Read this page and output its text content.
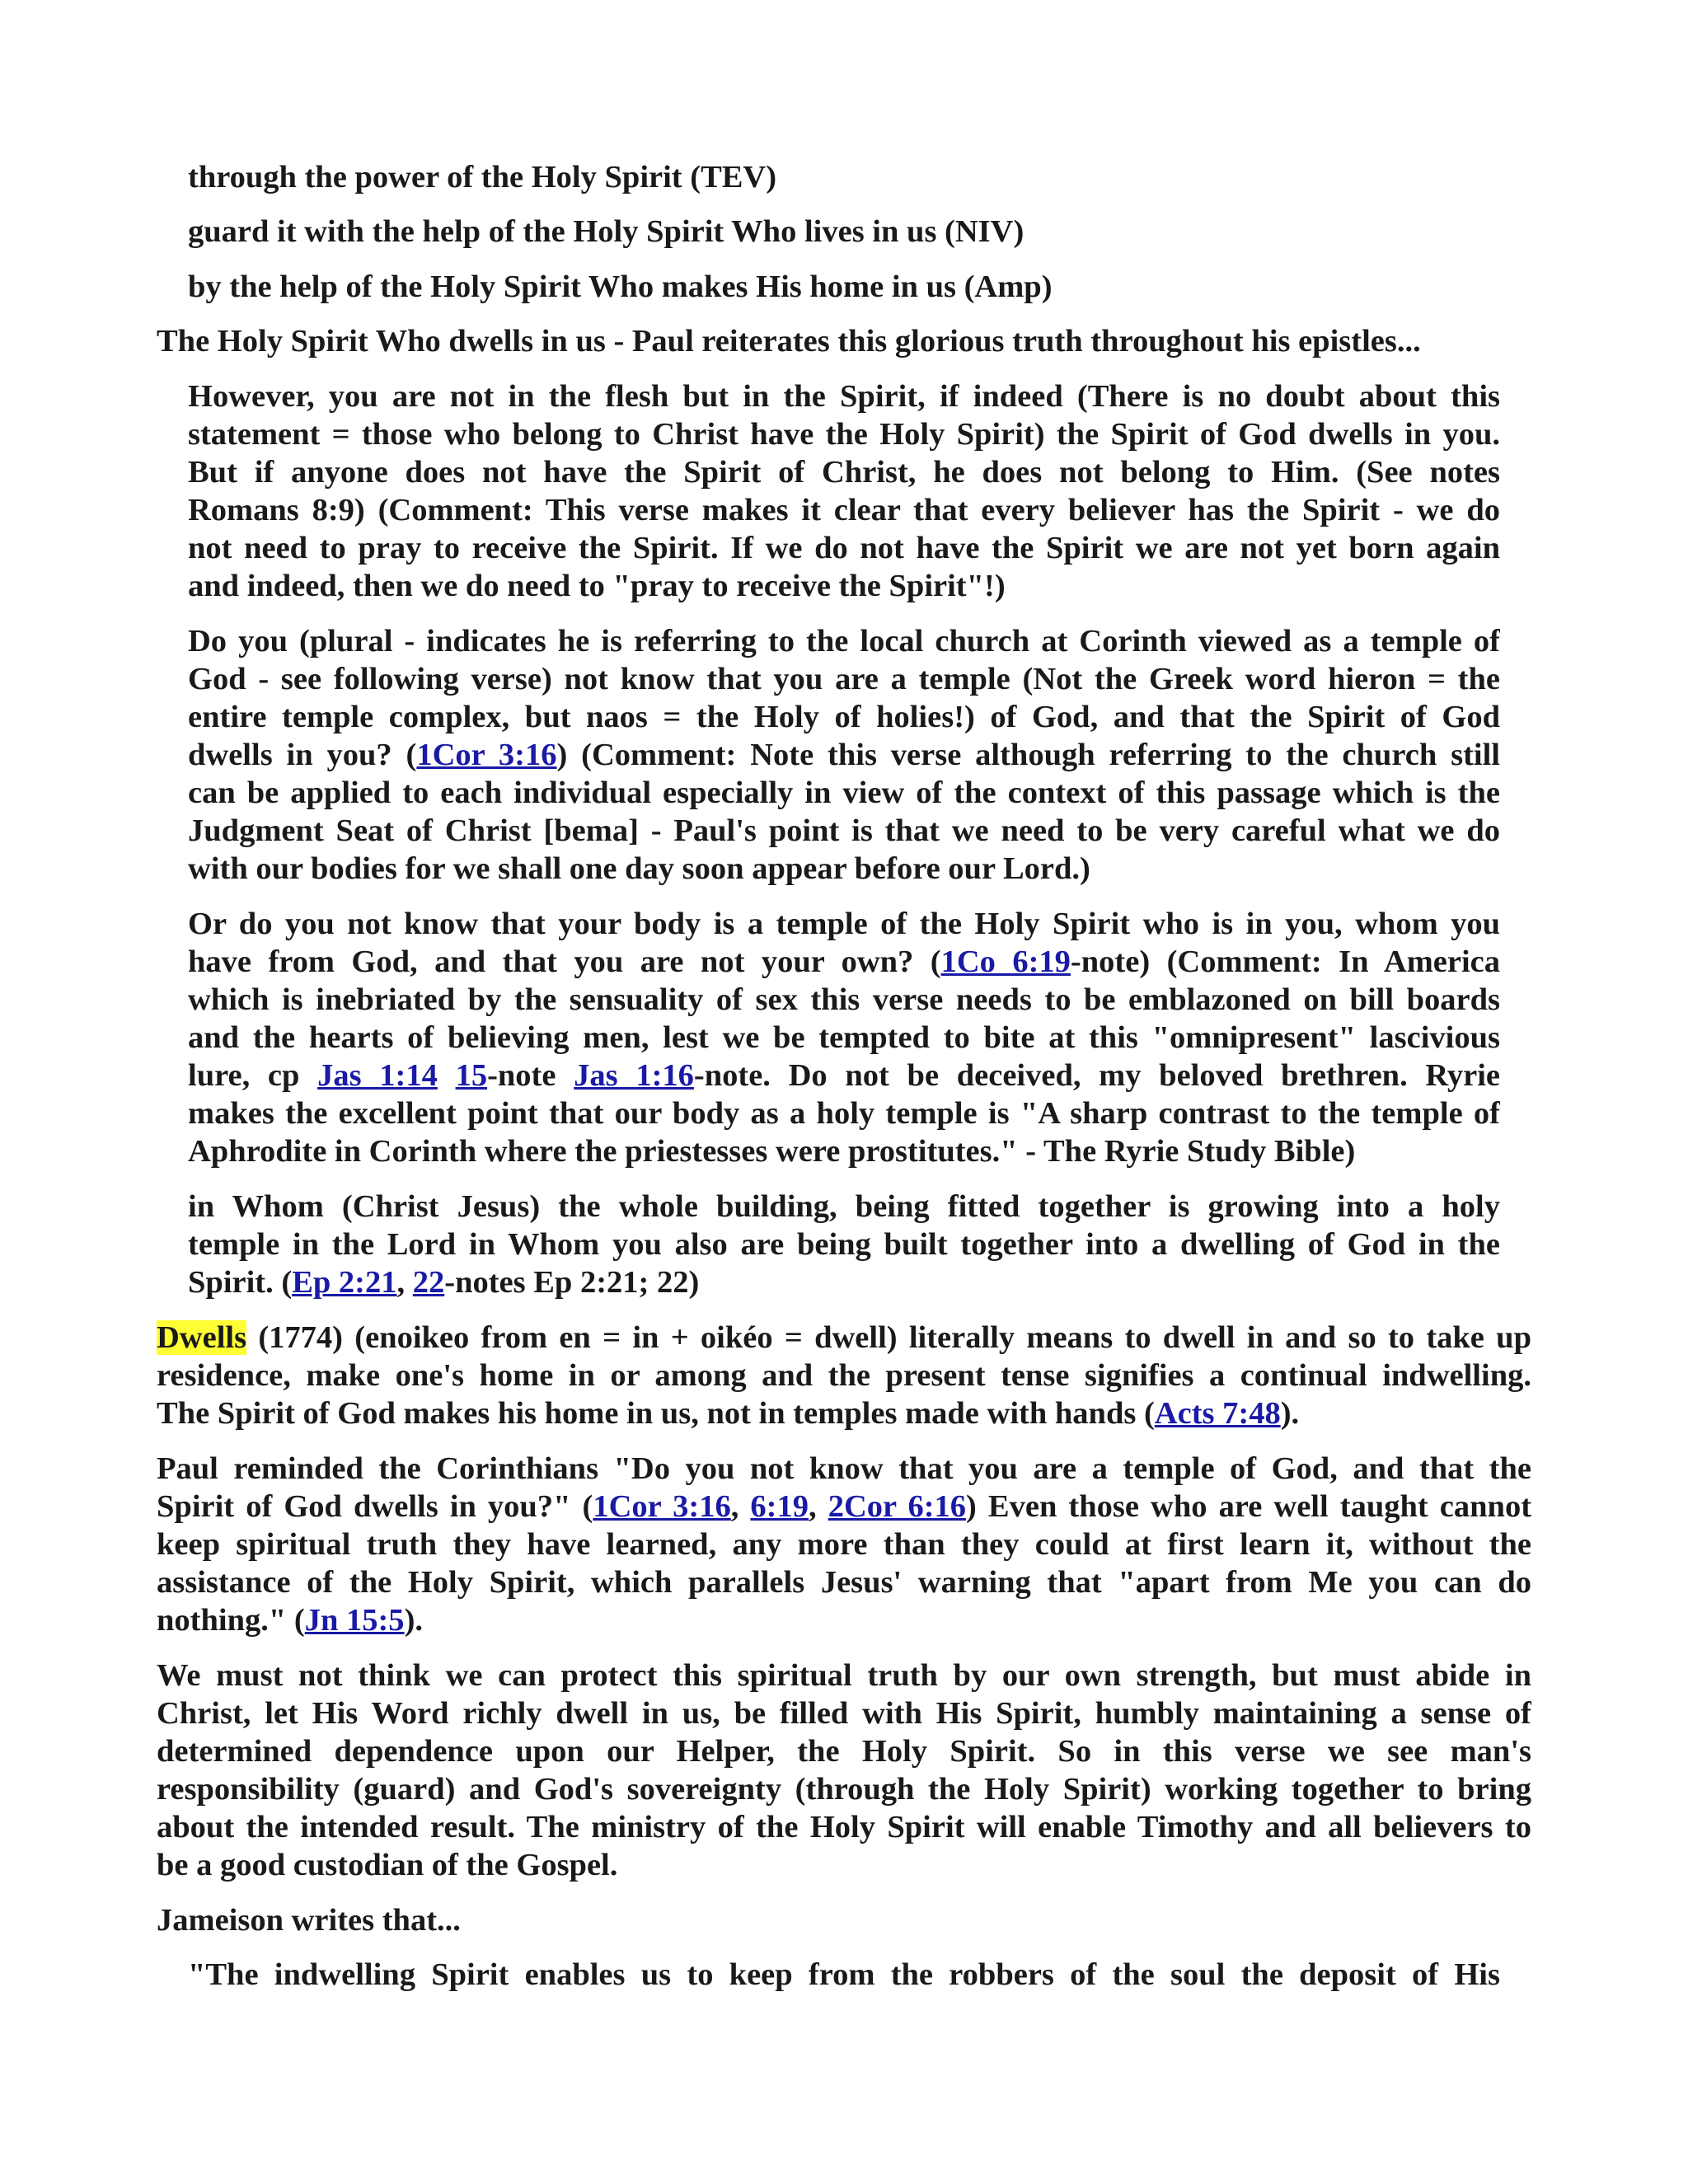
through the power of the Holy Spirit (TEV)
guard it with the help of the Holy Spirit Who lives in us (NIV)
by the help of the Holy Spirit Who makes His home in us (Amp)
The Holy Spirit Who dwells in us - Paul reiterates this glorious truth throughout his epistles...
However, you are not in the flesh but in the Spirit, if indeed (There is no doubt about this
statement = those who belong to Christ have the Holy Spirit) the Spirit of God dwells in you.
But if anyone does not have the Spirit of Christ, he does not belong to Him. (See notes
Romans 8:9) (Comment: This verse makes it clear that every believer has the Spirit - we do
not need to pray to receive the Spirit. If we do not have the Spirit we are not yet born again
and indeed, then we do need to "pray to receive the Spirit"!)
Do you (plural - indicates he is referring to the local church at Corinth viewed as a temple of
God - see following verse) not know that you are a temple (Not the Greek word hieron = the
entire temple complex, but naos = the Holy of holies!) of God, and that the Spirit of God
dwells in you? (1Cor 3:16) (Comment: Note this verse although referring to the church still
can be applied to each individual especially in view of the context of this passage which is the
Judgment Seat of Christ [bema] - Paul's point is that we need to be very careful what we do
with our bodies for we shall one day soon appear before our Lord.)
Or do you not know that your body is a temple of the Holy Spirit who is in you, whom you
have from God, and that you are not your own? (1Co 6:19-note) (Comment: In America
which is inebriated by the sensuality of sex this verse needs to be emblazoned on bill boards
and the hearts of believing men, lest we be tempted to bite at this "omnipresent" lascivious
lure, cp Jas 1:14 15-note Jas 1:16-note. Do not be deceived, my beloved brethren. Ryrie
makes the excellent point that our body as a holy temple is "A sharp contrast to the temple of
Aphrodite in Corinth where the priestesses were prostitutes." - The Ryrie Study Bible)
in Whom (Christ Jesus) the whole building, being fitted together is growing into a holy
temple in the Lord in Whom you also are being built together into a dwelling of God in the
Spirit. (Ep 2:21, 22-notes Ep 2:21; 22)
Dwells (1774) (enoikeo from en = in + oikéo = dwell) literally means to dwell in and so to take up
residence, make one's home in or among and the present tense signifies a continual indwelling.
The Spirit of God makes his home in us, not in temples made with hands (Acts 7:48).
Paul reminded the Corinthians "Do you not know that you are a temple of God, and that the
Spirit of God dwells in you?" (1Cor 3:16, 6:19, 2Cor 6:16) Even those who are well taught cannot
keep spiritual truth they have learned, any more than they could at first learn it, without the
assistance of the Holy Spirit, which parallels Jesus' warning that "apart from Me you can do
nothing." (Jn 15:5).
We must not think we can protect this spiritual truth by our own strength, but must abide in
Christ, let His Word richly dwell in us, be filled with His Spirit, humbly maintaining a sense of
determined dependence upon our Helper, the Holy Spirit. So in this verse we see man's
responsibility (guard) and God's sovereignty (through the Holy Spirit) working together to bring
about the intended result. The ministry of the Holy Spirit will enable Timothy and all believers to
be a good custodian of the Gospel.
Jameison writes that...
"The indwelling Spirit enables us to keep from the robbers of the soul the deposit of His
